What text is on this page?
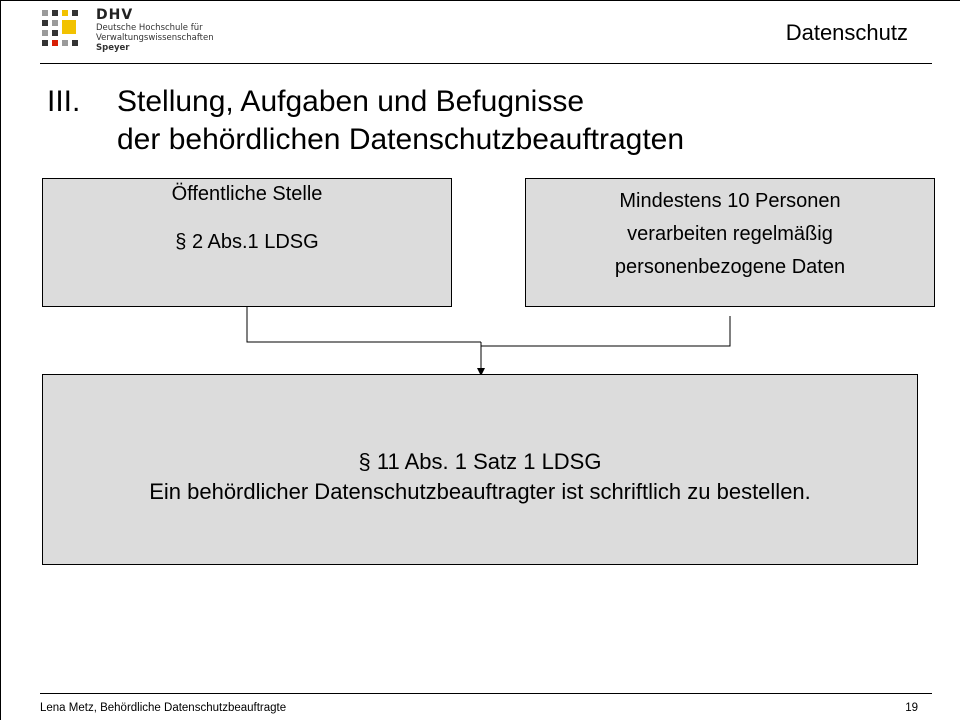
DHV
Deutsche Hochschule für
Verwaltungswissenschaften
Speyer
Datenschutz
III. Stellung, Aufgaben und Befugnisse
der behördlichen Datenschutzbeauftragten
Öffentliche Stelle
§ 2 Abs.1 LDSG
Mindestens 10 Personen
verarbeiten regelmäßig
personenbezogene Daten
§ 11 Abs. 1 Satz 1 LDSG
Ein behördlicher Datenschutzbeauftragter ist schriftlich zu bestellen.
Lena Metz, Behördliche Datenschutzbeauftragte	19
